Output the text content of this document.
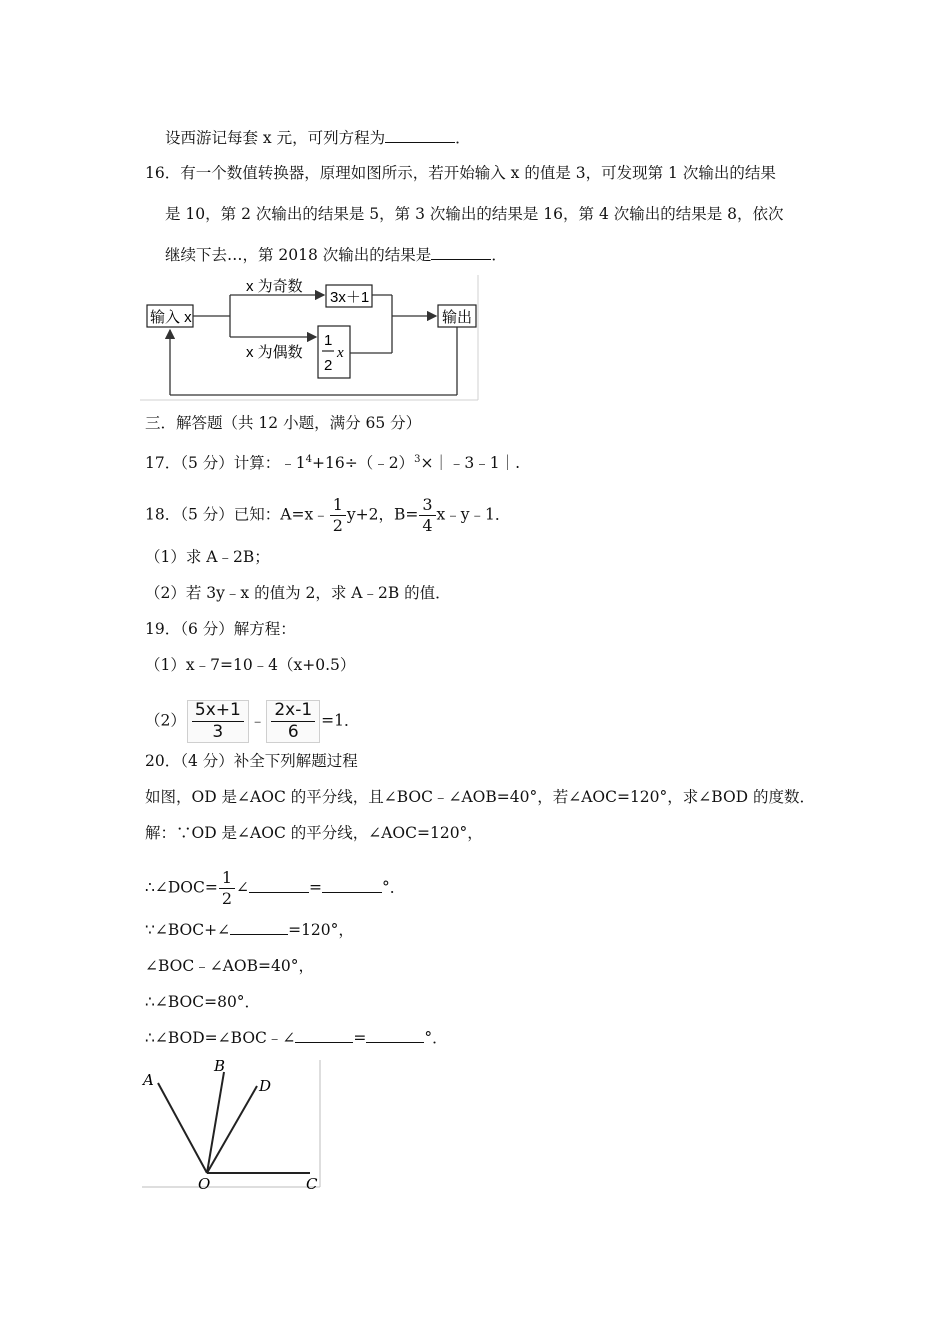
设西游记每套 x 元，可列方程为	．
16．有一个数值转换器，原理如图所示，若开始输入 x 的值是 3，可发现第 1 次输出的结果
是 10，第 2 次输出的结果是 5，第 3 次输出的结果是 16，第 4 次输出的结果是 8，依次
继续下去…，第 2018 次输出的结果是	．
输入 x
x 为奇数
x 为偶数
3x＋1
1
2
x
输出
三．解答题（共 12 小题，满分 65 分）
17．（5 分）计算：$﹣1^4+16\div(﹣2)^3\times|﹣3﹣1|$.
18．（5 分）已知：A=x﹣ $\frac{1}{2} y+2$，$B= \frac{3}{4}$ x﹣y﹣1．
（1）求 A﹣2B；
（2）若 3y﹣x 的值为 2，求 A﹣2B 的值．
19．（6 分）解方程：
（1）x﹣7=10﹣4（x+0.5）
$(2) \frac{5x+1}{3}$ ﹣ $\frac{2x-1}{6} =1$．
20．（4 分）补全下列解题过程
如图，OD 是∠AOC 的平分线，且∠BOC﹣∠AOB=40°，若∠AOC=120°，求∠BOD 的度数．
解：∵OD 是∠AOC 的平分线，∠AOC=120°，
∴∠DOC= $\frac{1}{2}$ ∠	=	°．
∵∠BOC+∠	=120°，
∠BOC﹣∠AOB=40°，
∴∠BOC=80°．
∴∠BOD=∠BOC﹣∠	=	°．
A
B
D
O	C
